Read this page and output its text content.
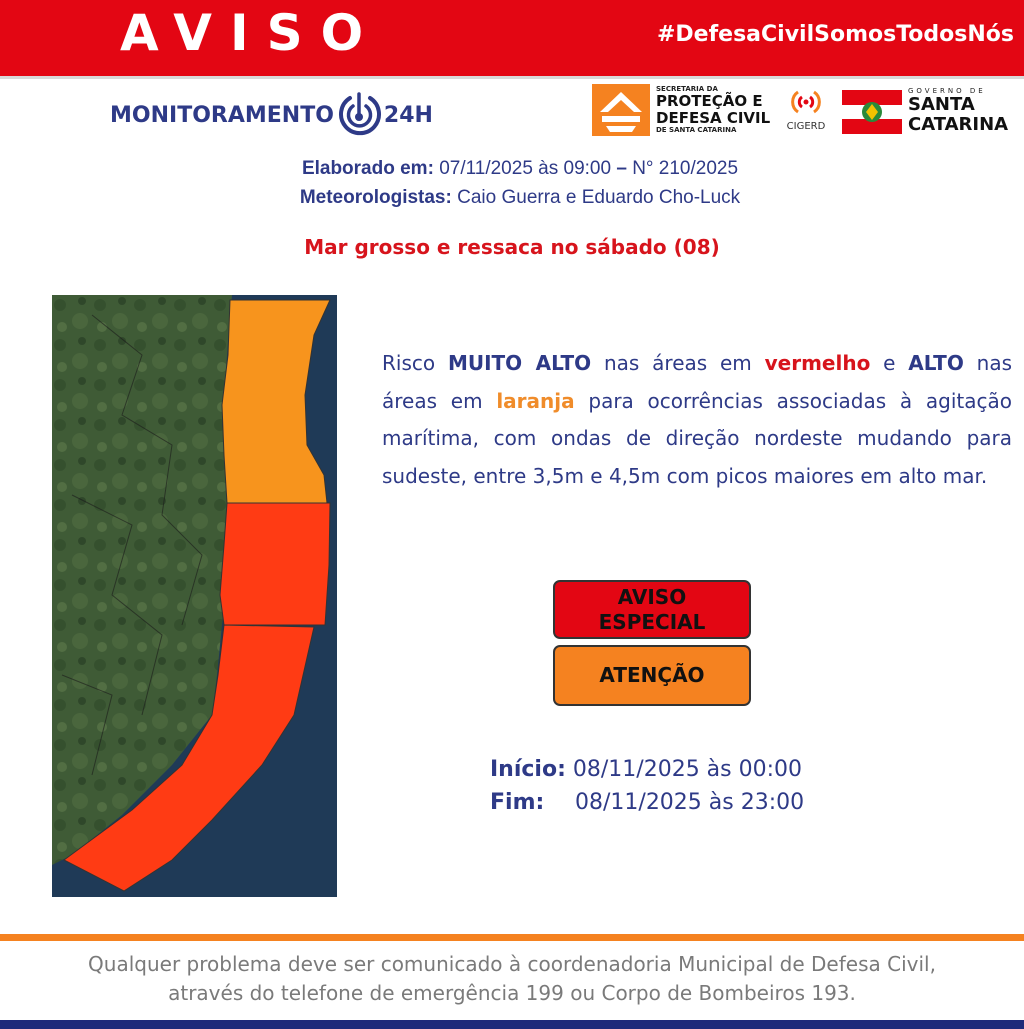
AVISO	#DefesaCivilSomosTodosNós
MONITORAMENTO 24H
SECRETARIA DA
PROTEÇÃO E
DEFESA CIVIL
DE SANTA CATARINA	CIGERD
GOVERNO DE
SANTA
CATARINA
Elaborado em: 07/11/2025 às 09:00 – N° 210/2025
Meteorologistas: Caio Guerra e Eduardo Cho-Luck
Mar grosso e ressaca no sábado (08)
Risco MUITO ALTO nas áreas em vermelho e ALTO nas áreas em laranja para ocorrências associadas à agitação marítima, com ondas de direção nordeste mudando para sudeste, entre 3,5m e 4,5m com picos maiores em alto mar.
AVISO
ESPECIAL
ATENÇÃO
Início: 08/11/2025 às 00:00
Fim: 08/11/2025 às 23:00
Qualquer problema deve ser comunicado à coordenadoria Municipal de Defesa Civil,
através do telefone de emergência 199 ou Corpo de Bombeiros 193.
